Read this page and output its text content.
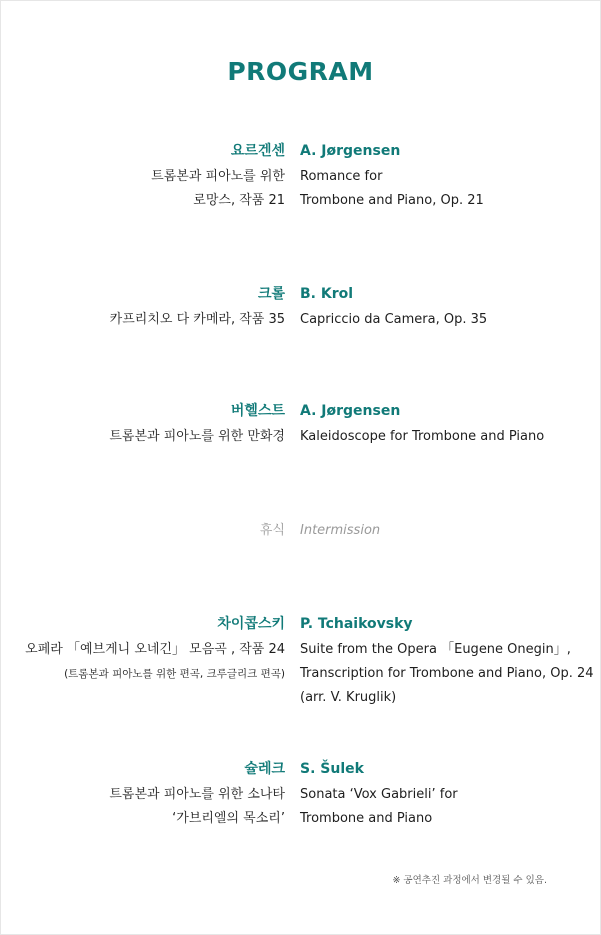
PROGRAM
요르겐센 A. Jørgensen
트롬본과 피아노를 위한 Romance for
로망스, 작품 21 Trombone and Piano, Op. 21
크롤 B. Krol
카프리치오 다 카메라, 작품 35 Capriccio da Camera, Op. 35
버헬스트 A. Jørgensen
트롬본과 피아노를 위한 만화경 Kaleidoscope for Trombone and Piano
휴식 Intermission
차이콥스키 P. Tchaikovsky
오페라 「예브게니 오네긴」 모음곡 , 작품 24 Suite from the Opera 「Eugene Onegin」,
(트롬본과 피아노를 위한 편곡, 크루글리크 편곡) Transcription for Trombone and Piano, Op. 24
(arr. V. Kruglik)
슐레크 S. Šulek
트롬본과 피아노를 위한 소나타 Sonata ‘Vox Gabrieli’ for
‘가브리엘의 목소리’ Trombone and Piano
※ 공연추진 과정에서 변경될 수 있음.
